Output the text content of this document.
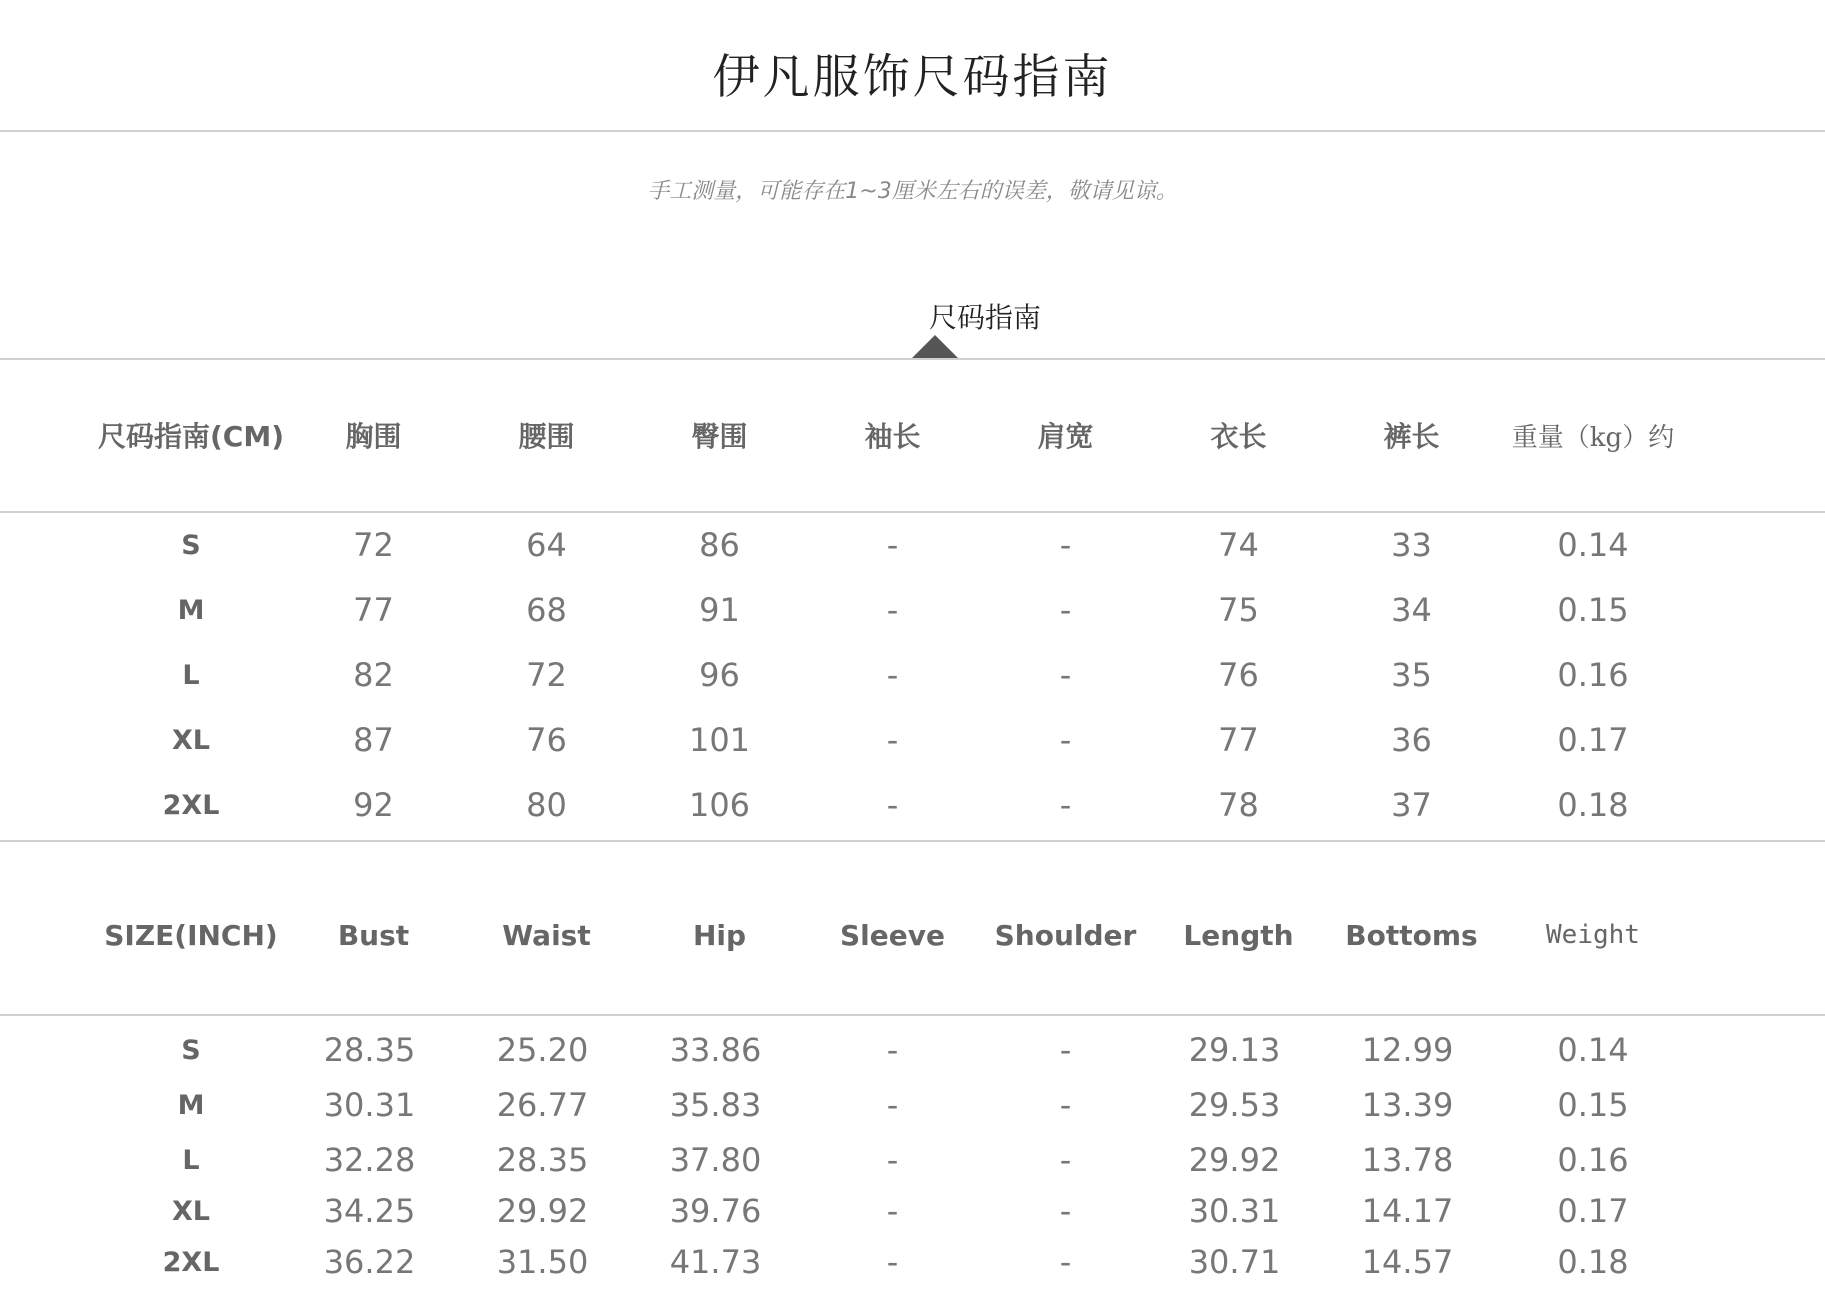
伊凡服饰尺码指南
手工测量，可能存在1~3厘米左右的误差，敬请见谅。
尺码指南
尺码指南(CM)	胸围	腰围	臀围	袖长	肩宽	衣长	裤长	重量（kg）约
S	72	64	86	-	-	74	33	0.14
M	77	68	91	-	-	75	34	0.15
L	82	72	96	-	-	76	35	0.16
XL	87	76	101	-	-	77	36	0.17
2XL	92	80	106	-	-	78	37	0.18
SIZE(INCH)	Bust	Waist	Hip	Sleeve	Shoulder	Length	Bottoms	Weight
S	28.35	25.20	33.86	-	-	29.13	12.99	0.14
M	30.31	26.77	35.83	-	-	29.53	13.39	0.15
L	32.28	28.35	37.80	-	-	29.92	13.78	0.16
XL	34.25	29.92	39.76	-	-	30.31	14.17	0.17
2XL	36.22	31.50	41.73	-	-	30.71	14.57	0.18
